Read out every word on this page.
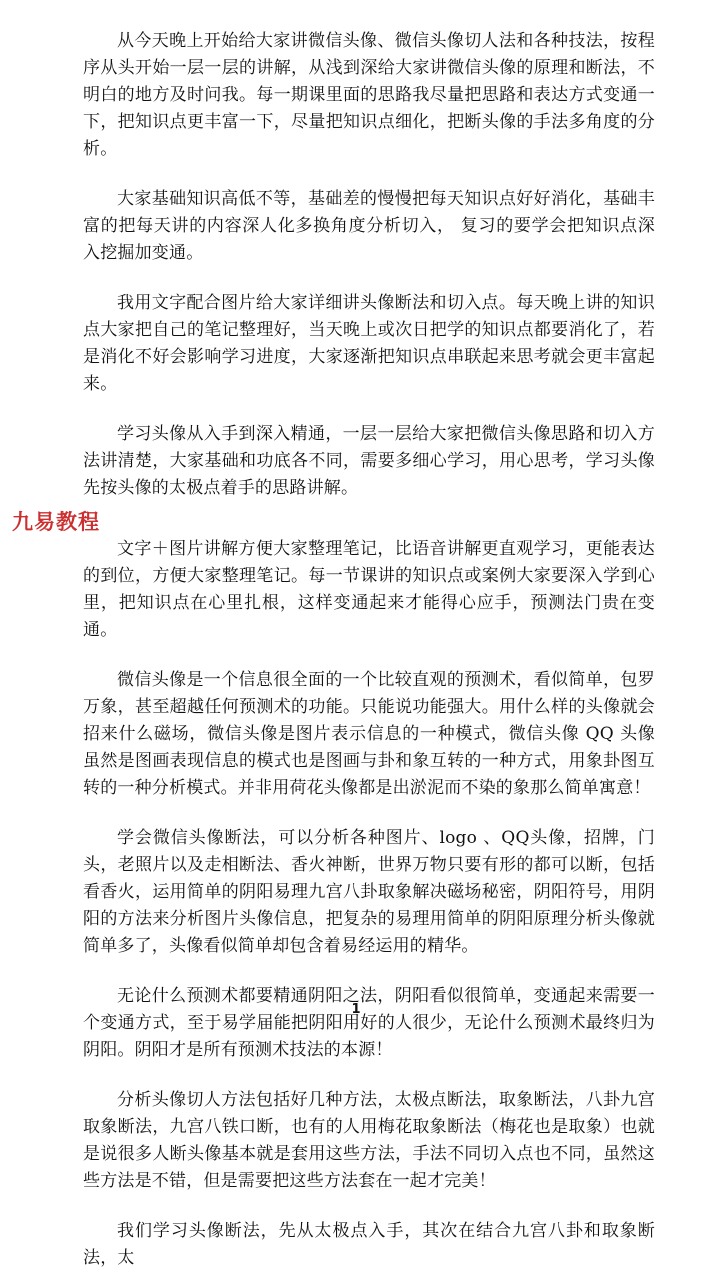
九易教程

从今天晚上开始给大家讲微信头像、微信头像切人法和各种技法，按程序从头开始一层一层的讲解，从浅到深给大家讲微信头像的原理和断法，不明白的地方及时问我。每一期课里面的思路我尽量把思路和表达方式变通一下，把知识点更丰富一下，尽量把知识点细化，把断头像的手法多角度的分析。

大家基础知识高低不等，基础差的慢慢把每天知识点好好消化，基础丰富的把每天讲的内容深人化多换角度分析切入， 复习的要学会把知识点深入挖掘加变通。

我用文字配合图片给大家详细讲头像断法和切入点。每天晚上讲的知识点大家把自己的笔记整理好，当天晚上或次日把学的知识点都要消化了，若是消化不好会影响学习进度，大家逐渐把知识点串联起来思考就会更丰富起来。

学习头像从入手到深入精通，一层一层给大家把微信头像思路和切入方法讲清楚，大家基础和功底各不同，需要多细心学习，用心思考，学习头像先按头像的太极点着手的思路讲解。

文字＋图片讲解方便大家整理笔记，比语音讲解更直观学习，更能表达的到位，方便大家整理笔记。每一节课讲的知识点或案例大家要深入学到心里，把知识点在心里扎根，这样变通起来才能得心应手，预测法门贵在变通。

微信头像是一个信息很全面的一个比较直观的预测术，看似简单，包罗万象，甚至超越任何预测术的功能。只能说功能强大。用什么样的头像就会招来什么磁场，微信头像是图片表示信息的一种模式，微信头像 QQ 头像虽然是图画表现信息的模式也是图画与卦和象互转的一种方式，用象卦图互转的一种分析模式。并非用荷花头像都是出淤泥而不染的象那么简单寓意！

学会微信头像断法，可以分析各种图片、logo 、QQ头像，招牌，门头，老照片以及走相断法、香火神断，世界万物只要有形的都可以断，包括看香火，运用简单的阴阳易理九宫八卦取象解决磁场秘密，阴阳符号，用阴阳的方法来分析图片头像信息，把复杂的易理用简单的阴阳原理分析头像就简单多了，头像看似简单却包含着易经运用的精华。

无论什么预测术都要精通阴阳之法，阴阳看似很简单，变通起来需要一个变通方式，至于易学届能把阴阳用好的人很少，无论什么预测术最终归为阴阳。阴阳才是所有预测术技法的本源！

分析头像切人方法包括好几种方法，太极点断法，取象断法，八卦九宫取象断法，九宫八铁口断，也有的人用梅花取象断法（梅花也是取象）也就是说很多人断头像基本就是套用这些方法，手法不同切入点也不同，虽然这些方法是不错，但是需要把这些方法套在一起才完美！

我们学习头像断法，先从太极点入手，其次在结合九宫八卦和取象断法，太

1
